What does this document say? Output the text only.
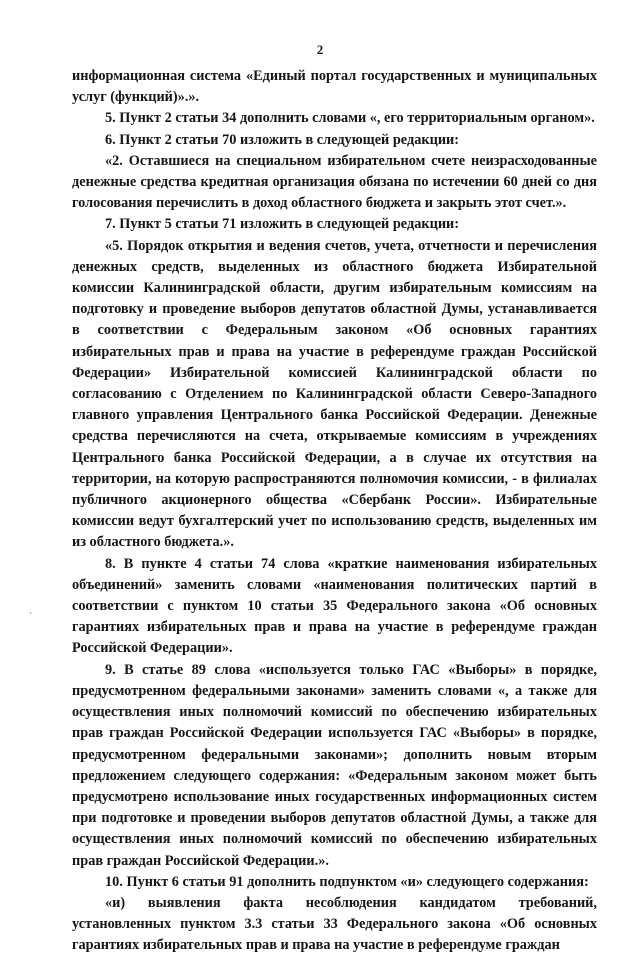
2

информационная система «Единый портал государственных и муниципальных услуг (функций)».».

5. Пункт 2 статьи 34 дополнить словами «, его территориальным органом».

6. Пункт 2 статьи 70 изложить в следующей редакции:

«2. Оставшиеся на специальном избирательном счете неизрасходованные денежные средства кредитная организация обязана по истечении 60 дней со дня голосования перечислить в доход областного бюджета и закрыть этот счет.».

7. Пункт 5 статьи 71 изложить в следующей редакции:

«5. Порядок открытия и ведения счетов, учета, отчетности и перечисления денежных средств, выделенных из областного бюджета Избирательной комиссии Калининградской области, другим избирательным комиссиям на подготовку и проведение выборов депутатов областной Думы, устанавливается в соответствии с Федеральным законом «Об основных гарантиях избирательных прав и права на участие в референдуме граждан Российской Федерации» Избирательной комиссией Калининградской области по согласованию с Отделением по Калининградской области Северо-Западного главного управления Центрального банка Российской Федерации. Денежные средства перечисляются на счета, открываемые комиссиям в учреждениях Центрального банка Российской Федерации, а в случае их отсутствия на территории, на которую распространяются полномочия комиссии, - в филиалах публичного акционерного общества «Сбербанк России». Избирательные комиссии ведут бухгалтерский учет по использованию средств, выделенных им из областного бюджета.».

8. В пункте 4 статьи 74 слова «краткие наименования избирательных объединений» заменить словами «наименования политических партий в соответствии с пунктом 10 статьи 35 Федерального закона «Об основных гарантиях избирательных прав и права на участие в референдуме граждан Российской Федерации».

9. В статье 89 слова «используется только ГАС «Выборы» в порядке, предусмотренном федеральными законами» заменить словами «, а также для осуществления иных полномочий комиссий по обеспечению избирательных прав граждан Российской Федерации используется ГАС «Выборы» в порядке, предусмотренном федеральными законами»; дополнить новым вторым предложением следующего содержания: «Федеральным законом может быть предусмотрено использование иных государственных информационных систем при подготовке и проведении выборов депутатов областной Думы, а также для осуществления иных полномочий комиссий по обеспечению избирательных прав граждан Российской Федерации.».

10. Пункт 6 статьи 91 дополнить подпунктом «и» следующего содержания:

«и) выявления факта несоблюдения кандидатом требований, установленных пунктом 3.3 статьи 33 Федерального закона «Об основных гарантиях избирательных прав и права на участие в референдуме граждан

`
